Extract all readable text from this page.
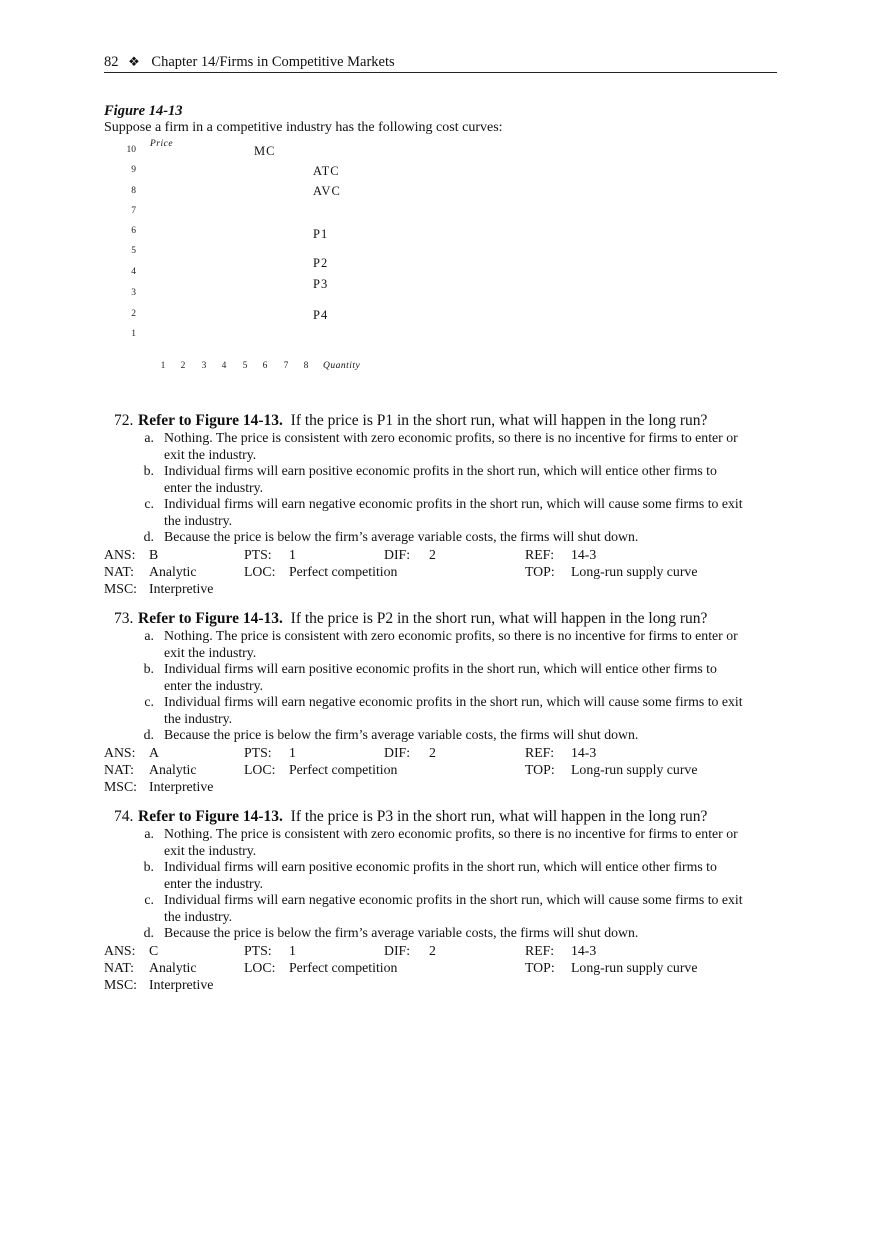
82 ❖ Chapter 14/Firms in Competitive Markets
Figure 14-13
Suppose a firm in a competitive industry has the following cost curves:
Price
10
9
8
7
6
5
4
3
2
1
1	2	3	4	5	6	7	8	Quantity
MC
ATC
AVC
P1
P2
P3
P4
72. Refer to Figure 14-13. If the price is P1 in the short run, what will happen in the long run?
a. Nothing. The price is consistent with zero economic profits, so there is no incentive for firms to enter or exit the industry.
b. Individual firms will earn positive economic profits in the short run, which will entice other firms to enter the industry.
c. Individual firms will earn negative economic profits in the short run, which will cause some firms to exit the industry.
d. Because the price is below the firm’s average variable costs, the firms will shut down.
ANS: B	PTS: 1	DIF: 2	REF: 14-3
NAT: Analytic	LOC: Perfect competition	TOP: Long-run supply curve
MSC: Interpretive
73. Refer to Figure 14-13. If the price is P2 in the short run, what will happen in the long run?
a. Nothing. The price is consistent with zero economic profits, so there is no incentive for firms to enter or exit the industry.
b. Individual firms will earn positive economic profits in the short run, which will entice other firms to enter the industry.
c. Individual firms will earn negative economic profits in the short run, which will cause some firms to exit the industry.
d. Because the price is below the firm’s average variable costs, the firms will shut down.
ANS: A	PTS: 1	DIF: 2	REF: 14-3
NAT: Analytic	LOC: Perfect competition	TOP: Long-run supply curve
MSC: Interpretive
74. Refer to Figure 14-13. If the price is P3 in the short run, what will happen in the long run?
a. Nothing. The price is consistent with zero economic profits, so there is no incentive for firms to enter or exit the industry.
b. Individual firms will earn positive economic profits in the short run, which will entice other firms to enter the industry.
c. Individual firms will earn negative economic profits in the short run, which will cause some firms to exit the industry.
d. Because the price is below the firm’s average variable costs, the firms will shut down.
ANS: C	PTS: 1	DIF: 2	REF: 14-3
NAT: Analytic	LOC: Perfect competition	TOP: Long-run supply curve
MSC: Interpretive
